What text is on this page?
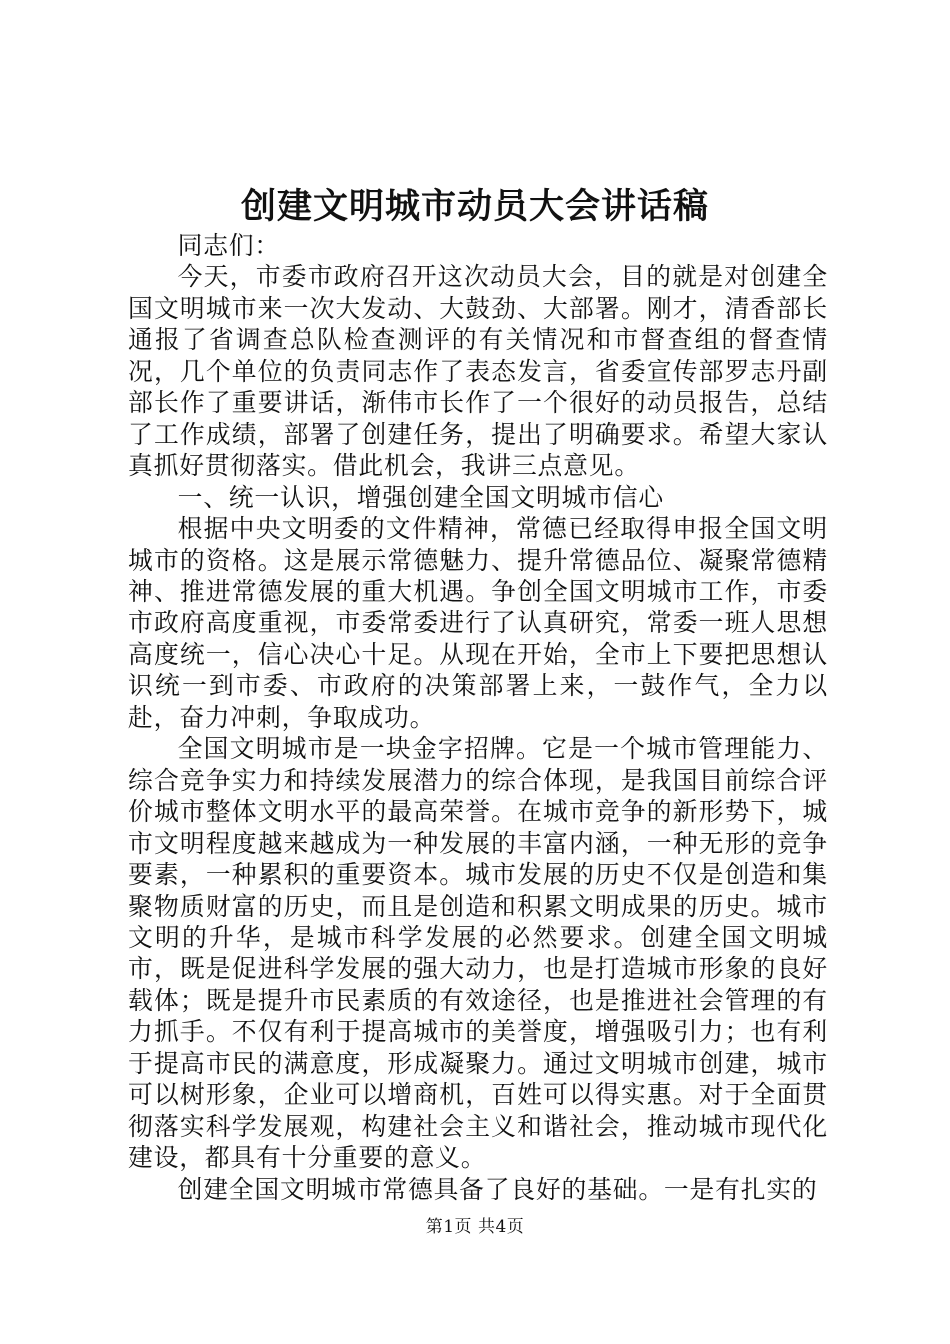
创建文明城市动员大会讲话稿

同志们：

今天，市委市政府召开这次动员大会，目的就是对创建全国文明城市来一次大发动、大鼓劲、大部署。刚才，清香部长通报了省调查总队检查测评的有关情况和市督查组的督查情况，几个单位的负责同志作了表态发言，省委宣传部罗志丹副部长作了重要讲话，渐伟市长作了一个很好的动员报告，总结了工作成绩，部署了创建任务，提出了明确要求。希望大家认真抓好贯彻落实。借此机会，我讲三点意见。

一、统一认识，增强创建全国文明城市信心

根据中央文明委的文件精神，常德已经取得申报全国文明城市的资格。这是展示常德魅力、提升常德品位、凝聚常德精神、推进常德发展的重大机遇。争创全国文明城市工作，市委市政府高度重视，市委常委进行了认真研究，常委一班人思想高度统一，信心决心十足。从现在开始，全市上下要把思想认识统一到市委、市政府的决策部署上来，一鼓作气，全力以赴，奋力冲刺，争取成功。

全国文明城市是一块金字招牌。它是一个城市管理能力、综合竞争实力和持续发展潜力的综合体现，是我国目前综合评价城市整体文明水平的最高荣誉。在城市竞争的新形势下，城市文明程度越来越成为一种发展的丰富内涵，一种无形的竞争要素，一种累积的重要资本。城市发展的历史不仅是创造和集聚物质财富的历史，而且是创造和积累文明成果的历史。城市文明的升华，是城市科学发展的必然要求。创建全国文明城市，既是促进科学发展的强大动力，也是打造城市形象的良好载体；既是提升市民素质的有效途径，也是推进社会管理的有力抓手。不仅有利于提高城市的美誉度，增强吸引力；也有利于提高市民的满意度，形成凝聚力。通过文明城市创建，城市可以树形象，企业可以增商机，百姓可以得实惠。对于全面贯彻落实科学发展观，构建社会主义和谐社会，推动城市现代化建设，都具有十分重要的意义。

创建全国文明城市常德具备了良好的基础。一是有扎实的

第1页 共4页
